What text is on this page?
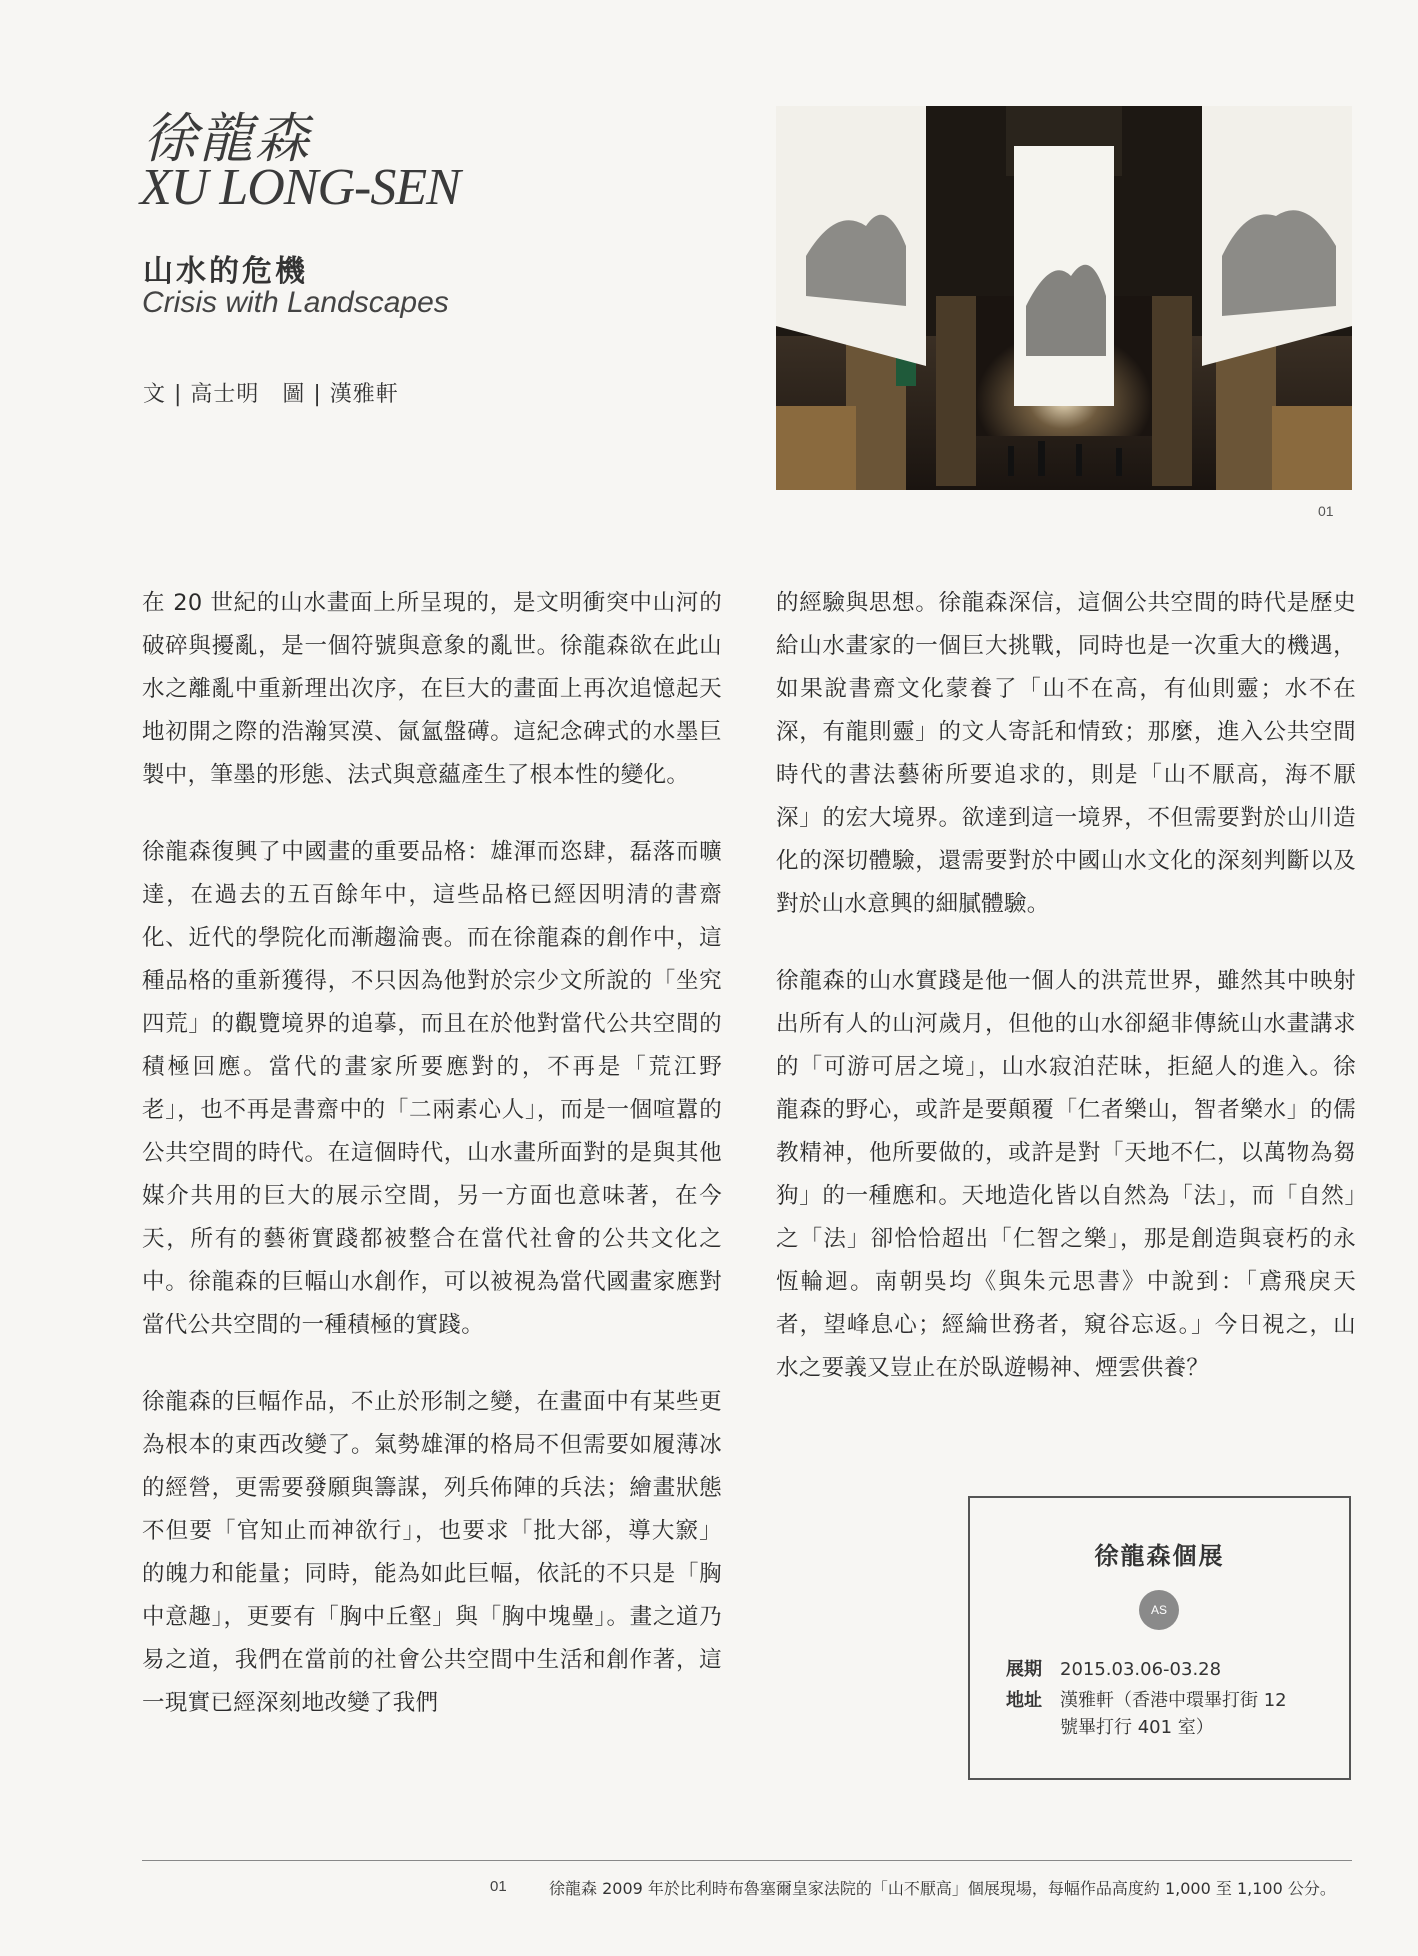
徐龍森
XU LONG-SEN
山水的危機
Crisis with Landscapes
文 | 高士明　圖 | 漢雅軒
01

在 20 世紀的山水畫面上所呈現的，是文明衝突中山河的破碎與擾亂，是一個符號與意象的亂世。徐龍森欲在此山水之離亂中重新理出次序，在巨大的畫面上再次追憶起天地初開之際的浩瀚冥漠、氤氳盤礡。這紀念碑式的水墨巨製中，筆墨的形態、法式與意蘊產生了根本性的變化。

徐龍森復興了中國畫的重要品格：雄渾而恣肆，磊落而曠達，在過去的五百餘年中，這些品格已經因明清的書齋化、近代的學院化而漸趨淪喪。而在徐龍森的創作中，這種品格的重新獲得，不只因為他對於宗少文所說的「坐究四荒」的觀覽境界的追摹，而且在於他對當代公共空間的積極回應。當代的畫家所要應對的，不再是「荒江野老」，也不再是書齋中的「二兩素心人」，而是一個喧囂的公共空間的時代。在這個時代，山水畫所面對的是與其他媒介共用的巨大的展示空間，另一方面也意味著，在今天，所有的藝術實踐都被整合在當代社會的公共文化之中。徐龍森的巨幅山水創作，可以被視為當代國畫家應對當代公共空間的一種積極的實踐。

徐龍森的巨幅作品，不止於形制之變，在畫面中有某些更為根本的東西改變了。氣勢雄渾的格局不但需要如履薄冰的經營，更需要發願與籌謀，列兵佈陣的兵法；繪畫狀態不但要「官知止而神欲行」，也要求「批大郤，導大窾」的魄力和能量；同時，能為如此巨幅，依託的不只是「胸中意趣」，更要有「胸中丘壑」與「胸中塊壘」。畫之道乃易之道，我們在當前的社會公共空間中生活和創作著，這一現實已經深刻地改變了我們

的經驗與思想。徐龍森深信，這個公共空間的時代是歷史給山水畫家的一個巨大挑戰，同時也是一次重大的機遇，如果說書齋文化蒙養了「山不在高，有仙則靈；水不在深，有龍則靈」的文人寄託和情致；那麼，進入公共空間時代的書法藝術所要追求的，則是「山不厭高，海不厭深」的宏大境界。欲達到這一境界，不但需要對於山川造化的深切體驗，還需要對於中國山水文化的深刻判斷以及對於山水意興的細膩體驗。

徐龍森的山水實踐是他一個人的洪荒世界，雖然其中映射出所有人的山河歲月，但他的山水卻絕非傳統山水畫講求的「可游可居之境」，山水寂泊茫昧，拒絕人的進入。徐龍森的野心，或許是要顛覆「仁者樂山，智者樂水」的儒教精神，他所要做的，或許是對「天地不仁，以萬物為芻狗」的一種應和。天地造化皆以自然為「法」，而「自然」之「法」卻恰恰超出「仁智之樂」，那是創造與衰朽的永恆輪迴。南朝吳均《與朱元思書》中說到：「鳶飛戾天者，望峰息心；經綸世務者，窺谷忘返。」今日視之，山水之要義又豈止在於臥遊暢神、煙雲供養？

徐龍森個展
AS
展期 2015.03.06-03.28
地址 漢雅軒（香港中環畢打街 12 號畢打行 401 室）
01	徐龍森 2009 年於比利時布魯塞爾皇家法院的「山不厭高」個展現場，每幅作品高度約 1,000 至 1,100 公分。
